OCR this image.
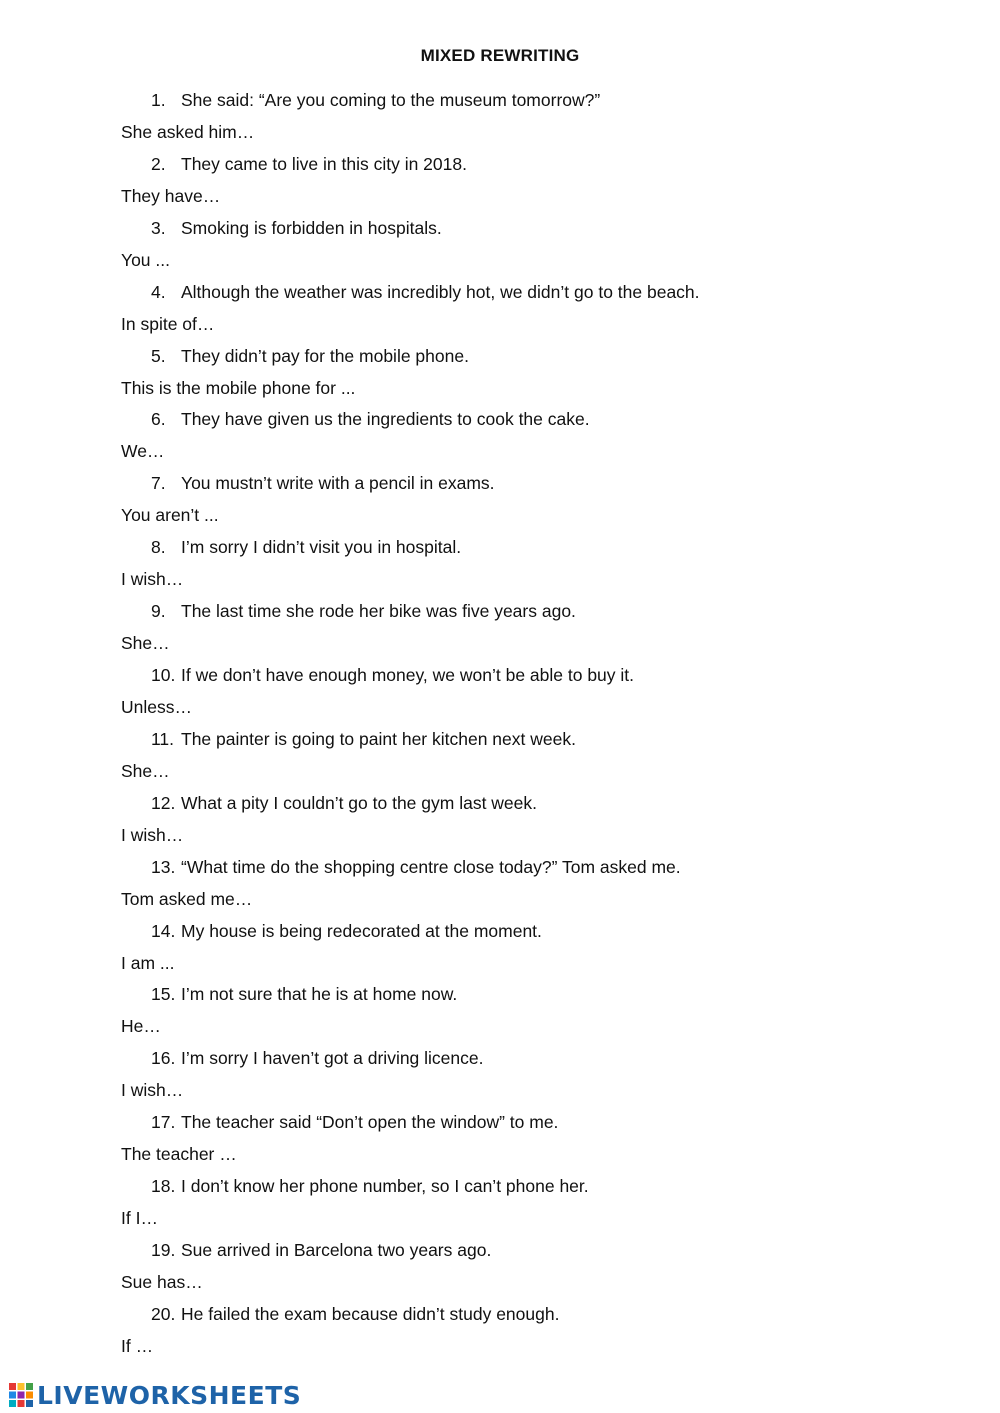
MIXED REWRITING
1. She said: “Are you coming to the museum tomorrow?”
She asked him…
2. They came to live in this city in 2018.
They have…
3. Smoking is forbidden in hospitals.
You ...
4. Although the weather was incredibly hot, we didn’t go to the beach.
In spite of…
5. They didn’t pay for the mobile phone.
This is the mobile phone for ...
6. They have given us the ingredients to cook the cake.
We…
7. You mustn’t write with a pencil in exams.
You aren’t ...
8. I’m sorry I didn’t visit you in hospital.
I wish…
9. The last time she rode her bike was five years ago.
She…
10. If we don’t have enough money, we won’t be able to buy it.
Unless…
11. The painter is going to paint her kitchen next week.
She…
12. What a pity I couldn’t go to the gym last week.
I wish…
13. “What time do the shopping centre close today?” Tom asked me.
Tom asked me…
14. My house is being redecorated at the moment.
I am ...
15. I’m not sure that he is at home now.
He…
16. I’m sorry I haven’t got a driving licence.
I wish…
17. The teacher said “Don’t open the window” to me.
The teacher …
18. I don’t know her phone number, so I can’t phone her.
If I…
19. Sue arrived in Barcelona two years ago.
Sue has…
20. He failed the exam because didn’t study enough.
If …
LIVEWORKSHEETS
